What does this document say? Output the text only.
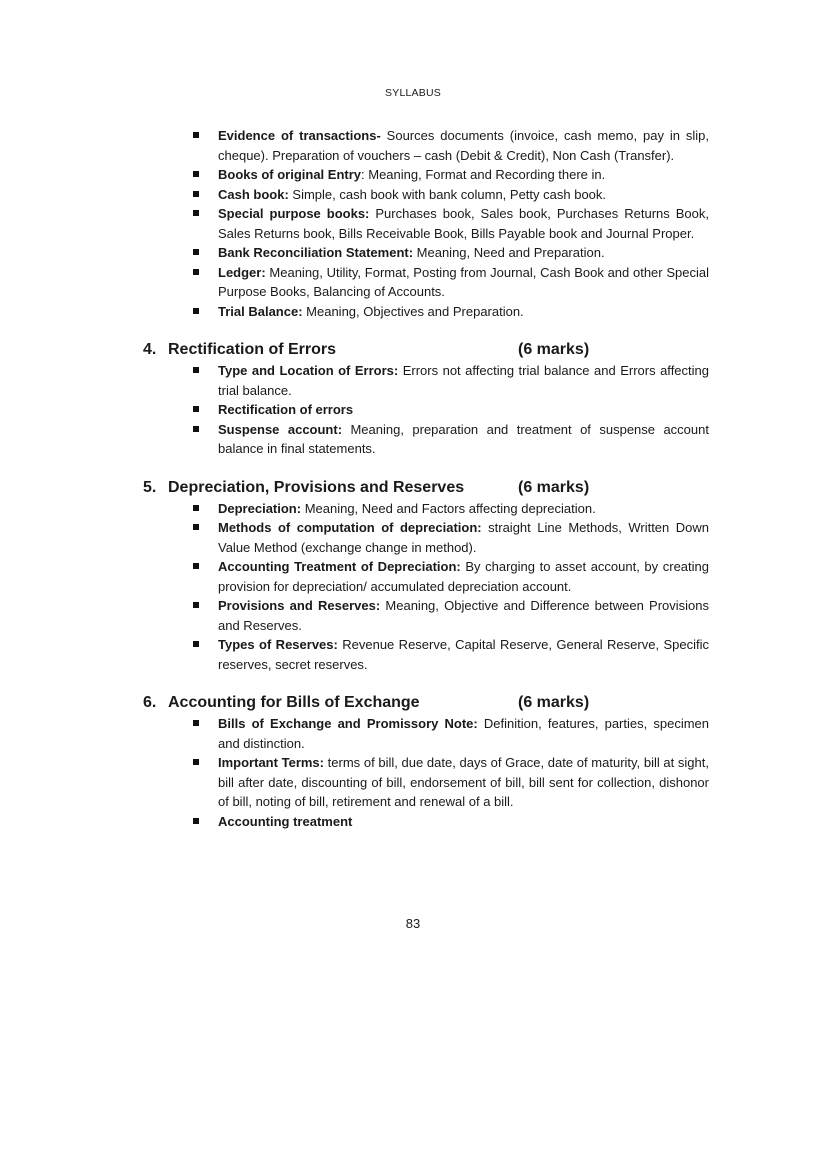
SYLLABUS
Evidence of transactions- Sources documents (invoice, cash memo, pay in slip, cheque). Preparation of vouchers – cash (Debit & Credit), Non Cash (Transfer).
Books of original Entry: Meaning, Format and Recording there in.
Cash book: Simple, cash book with bank column, Petty cash book.
Special purpose books: Purchases book, Sales book, Purchases Returns Book, Sales Returns book, Bills Receivable Book, Bills Payable book and Journal Proper.
Bank Reconciliation Statement: Meaning, Need and Preparation.
Ledger: Meaning, Utility, Format, Posting from Journal, Cash Book and other Special Purpose Books, Balancing of Accounts.
Trial Balance: Meaning, Objectives and Preparation.
4. Rectification of Errors	(6 marks)
Type and Location of Errors: Errors not affecting trial balance and Errors affecting trial balance.
Rectification of errors
Suspense account: Meaning, preparation and treatment of suspense account balance in final statements.
5. Depreciation, Provisions and Reserves	(6 marks)
Depreciation: Meaning, Need and Factors affecting depreciation.
Methods of computation of depreciation: straight Line Methods, Written Down Value Method (exchange change in method).
Accounting Treatment of Depreciation: By charging to asset account, by creating provision for depreciation/ accumulated depreciation account.
Provisions and Reserves: Meaning, Objective and Difference between Provisions and Reserves.
Types of Reserves: Revenue Reserve, Capital Reserve, General Reserve, Specific reserves, secret reserves.
6. Accounting for Bills of Exchange	(6 marks)
Bills of Exchange and Promissory Note: Definition, features, parties, specimen and distinction.
Important Terms: terms of bill, due date, days of Grace, date of maturity, bill at sight, bill after date, discounting of bill, endorsement of bill, bill sent for collection, dishonor of bill, noting of bill, retirement and renewal of a bill.
Accounting treatment
83
